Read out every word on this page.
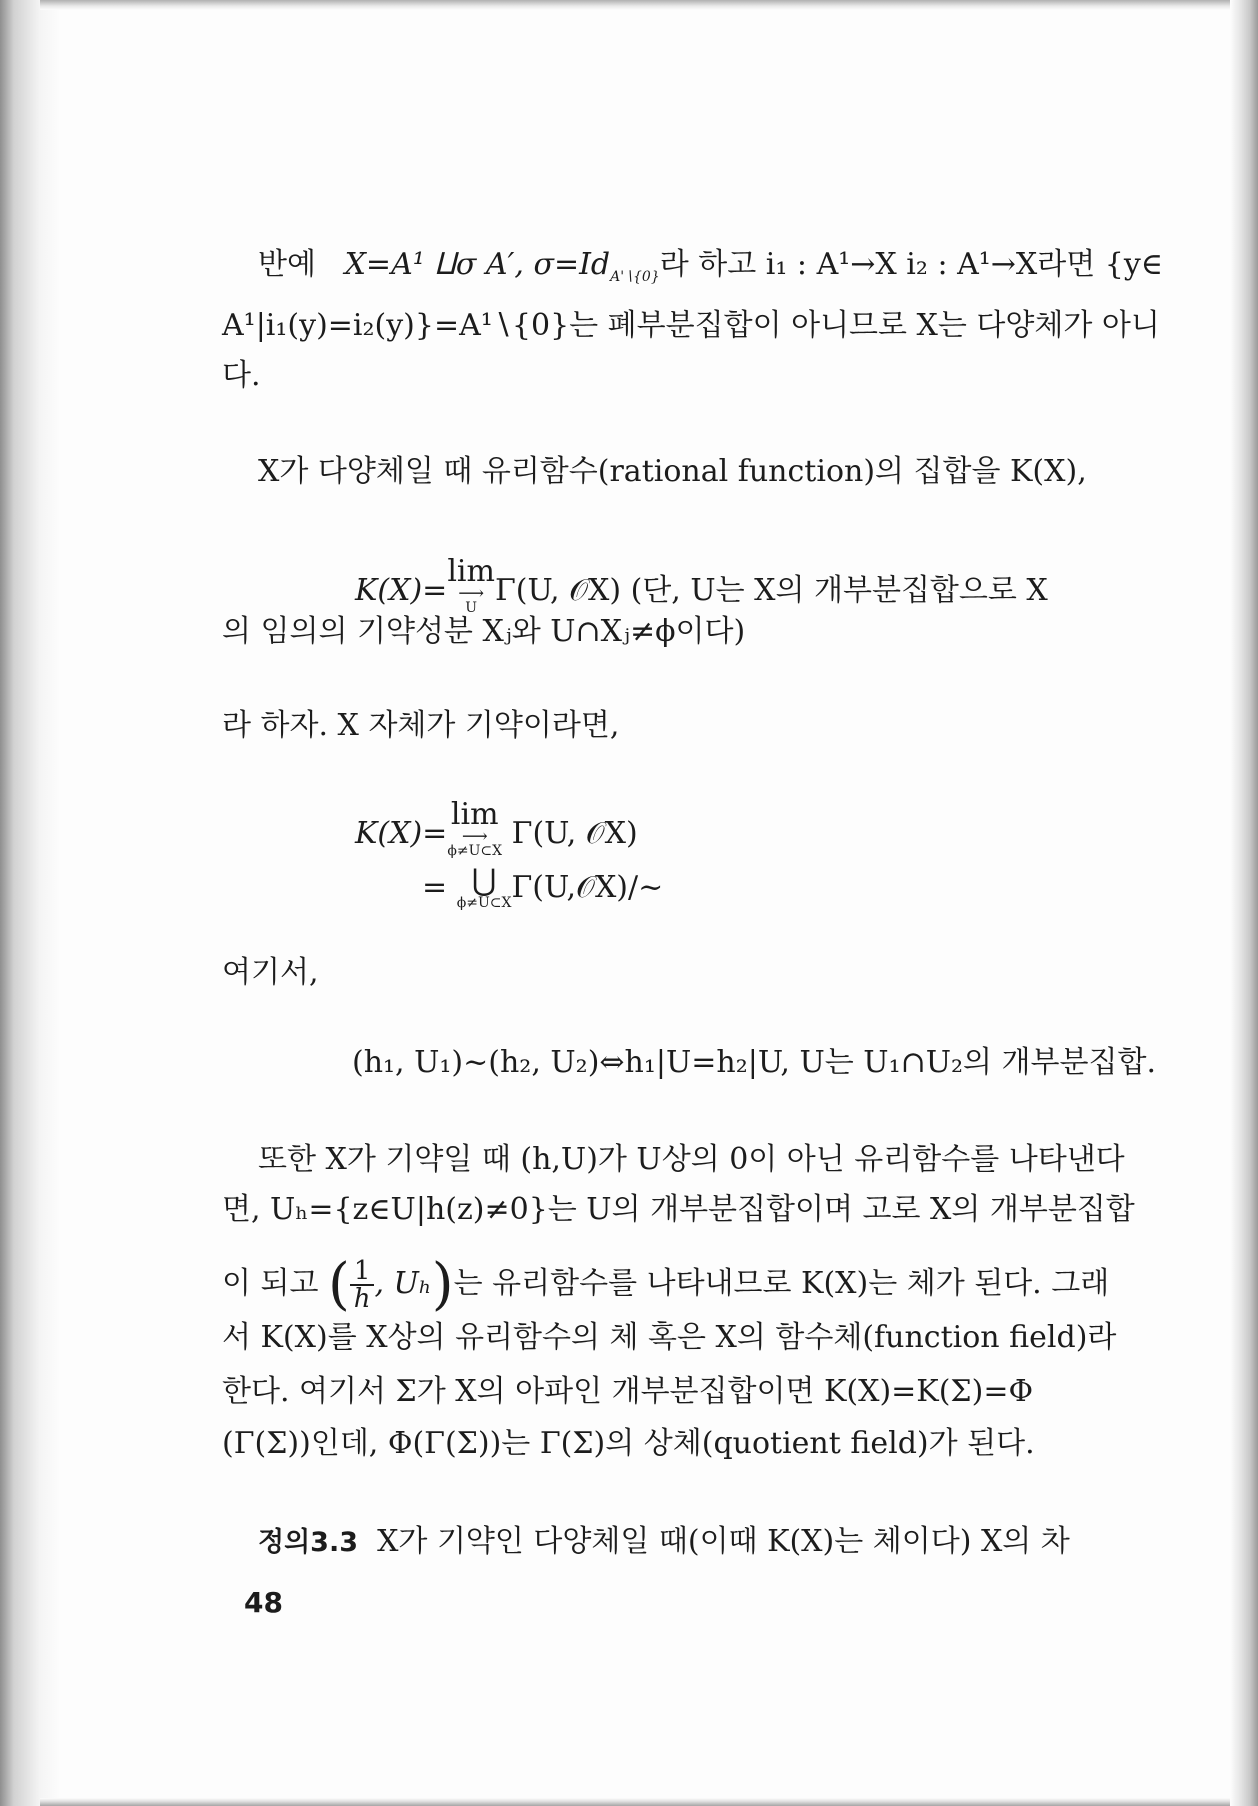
반예 X=A¹ ⨿σ A′, $\sigma=Id_{A'∖\{0\}}$라 하고 i₁ : A¹→X i₂ : A¹→X라면 {y∈
A¹|i₁(y)=i₂(y)}=A¹∖{0}는 폐부분집합이 아니므로 X는 다양체가 아니
다.
X가 다양체일 때 유리함수(rational function)의 집합을 K(X),
K(X)=
lim
⟶
U Γ(U, 𝒪X) (단, U는 X의 개부분집합으로 X
의 임의의 기약성분 Xⱼ와 U∩Xⱼ≠ϕ이다)
라 하자. X 자체가 기약이라면,
K(X)=
lim
⟶
ϕ≠U⊂X Γ(U, 𝒪X)
= ⋃
ϕ≠U⊂X Γ(U,𝒪X)/~
여기서,
(h₁, U₁)~(h₂, U₂)⇔h₁|U=h₂|U, U는 U₁∩U₂의 개부분집합.
또한 X가 기약일 때 (h,U)가 U상의 0이 아닌 유리함수를 나타낸다
면, Uₕ={z∈U|h(z)≠0}는 U의 개부분집합이며 고로 X의 개부분집합
이 되고 ( $\frac{1}{h}$ , Uₕ)는 유리함수를 나타내므로 K(X)는 체가 된다. 그래
서 K(X)를 X상의 유리함수의 체 혹은 X의 함수체(function field)라
한다. 여기서 Σ가 X의 아파인 개부분집합이면 K(X)=K(Σ)=Φ
(Γ(Σ))인데, Φ(Γ(Σ))는 Γ(Σ)의 상체(quotient field)가 된다.
정의3.3 X가 기약인 다양체일 때(이때 K(X)는 체이다) X의 차
48
